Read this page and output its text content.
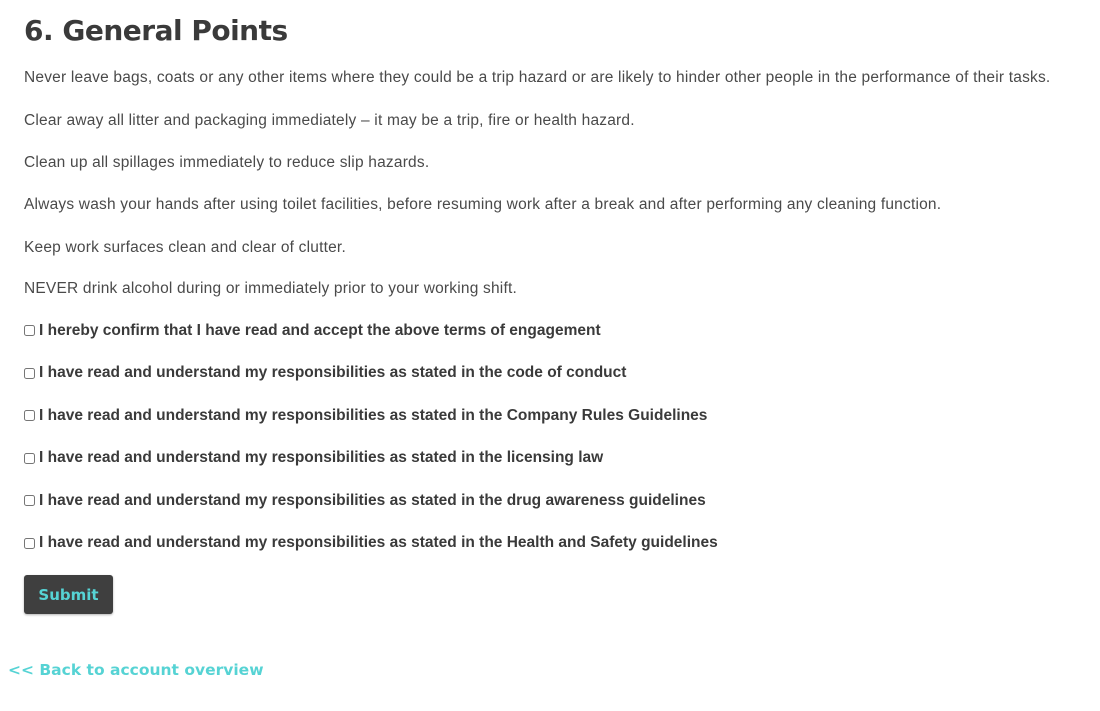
6. General Points

Never leave bags, coats or any other items where they could be a trip hazard or are likely to hinder other people in the performance of their tasks.

Clear away all litter and packaging immediately – it may be a trip, fire or health hazard.

Clean up all spillages immediately to reduce slip hazards.

Always wash your hands after using toilet facilities, before resuming work after a break and after performing any cleaning function.

Keep work surfaces clean and clear of clutter.

NEVER drink alcohol during or immediately prior to your working shift.

I hereby confirm that I have read and accept the above terms of engagement
I have read and understand my responsibilities as stated in the code of conduct
I have read and understand my responsibilities as stated in the Company Rules Guidelines
I have read and understand my responsibilities as stated in the licensing law
I have read and understand my responsibilities as stated in the drug awareness guidelines
I have read and understand my responsibilities as stated in the Health and Safety guidelines
Submit
<< Back to account overview
